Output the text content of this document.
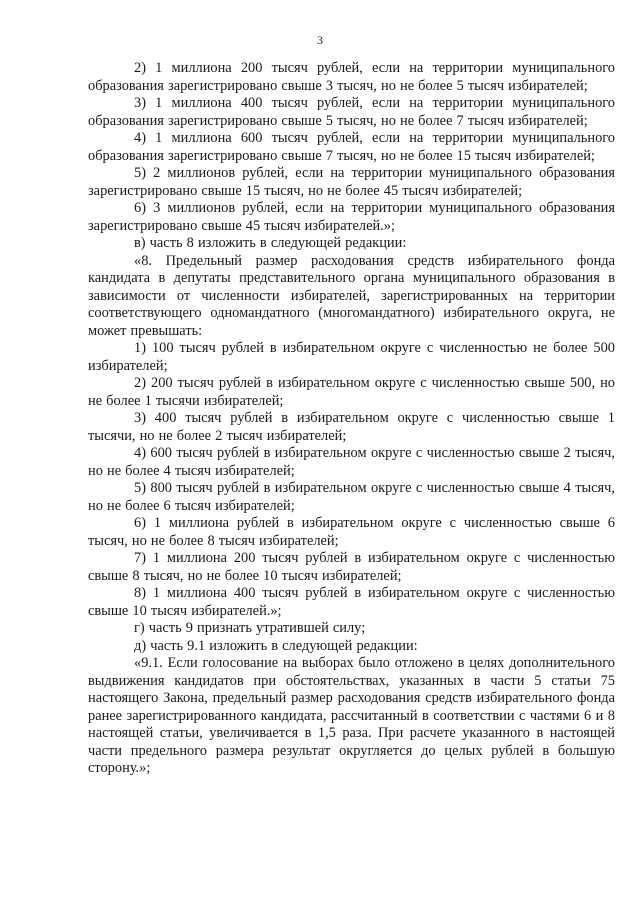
3

2) 1 миллиона 200 тысяч рублей, если на территории муниципального образования зарегистрировано свыше 3 тысяч, но не более 5 тысяч избирателей;

3) 1 миллиона 400 тысяч рублей, если на территории муниципального образования зарегистрировано свыше 5 тысяч, но не более 7 тысяч избирателей;

4) 1 миллиона 600 тысяч рублей, если на территории муниципального образования зарегистрировано свыше 7 тысяч, но не более 15 тысяч избирателей;

5) 2 миллионов рублей, если на территории муниципального образования зарегистрировано свыше 15 тысяч, но не более 45 тысяч избирателей;

6) 3 миллионов рублей, если на территории муниципального образования зарегистрировано свыше 45 тысяч избирателей.»;

в) часть 8 изложить в следующей редакции:

«8. Предельный размер расходования средств избирательного фонда кандидата в депутаты представительного органа муниципального образования в зависимости от численности избирателей, зарегистрированных на территории соответствующего одномандатного (многомандатного) избирательного округа, не может превышать:

1) 100 тысяч рублей в избирательном округе с численностью не более 500 избирателей;

2) 200 тысяч рублей в избирательном округе с численностью свыше 500, но не более 1 тысячи избирателей;

3) 400 тысяч рублей в избирательном округе с численностью свыше 1 тысячи, но не более 2 тысяч избирателей;

4) 600 тысяч рублей в избирательном округе с численностью свыше 2 тысяч, но не более 4 тысяч избирателей;

5) 800 тысяч рублей в избирательном округе с численностью свыше 4 тысяч, но не более 6 тысяч избирателей;

6) 1 миллиона рублей в избирательном округе с численностью свыше 6 тысяч, но не более 8 тысяч избирателей;

7) 1 миллиона 200 тысяч рублей в избирательном округе с численностью свыше 8 тысяч, но не более 10 тысяч избирателей;

8) 1 миллиона 400 тысяч рублей в избирательном округе с численностью свыше 10 тысяч избирателей.»;

г) часть 9 признать утратившей силу;

д) часть 9.1 изложить в следующей редакции:

«9.1. Если голосование на выборах было отложено в целях дополнительного выдвижения кандидатов при обстоятельствах, указанных в части 5 статьи 75 настоящего Закона, предельный размер расходования средств избирательного фонда ранее зарегистрированного кандидата, рассчитанный в соответствии с частями 6 и 8 настоящей статьи, увеличивается в 1,5 раза. При расчете указанного в настоящей части предельного размера результат округляется до целых рублей в большую сторону.»;
